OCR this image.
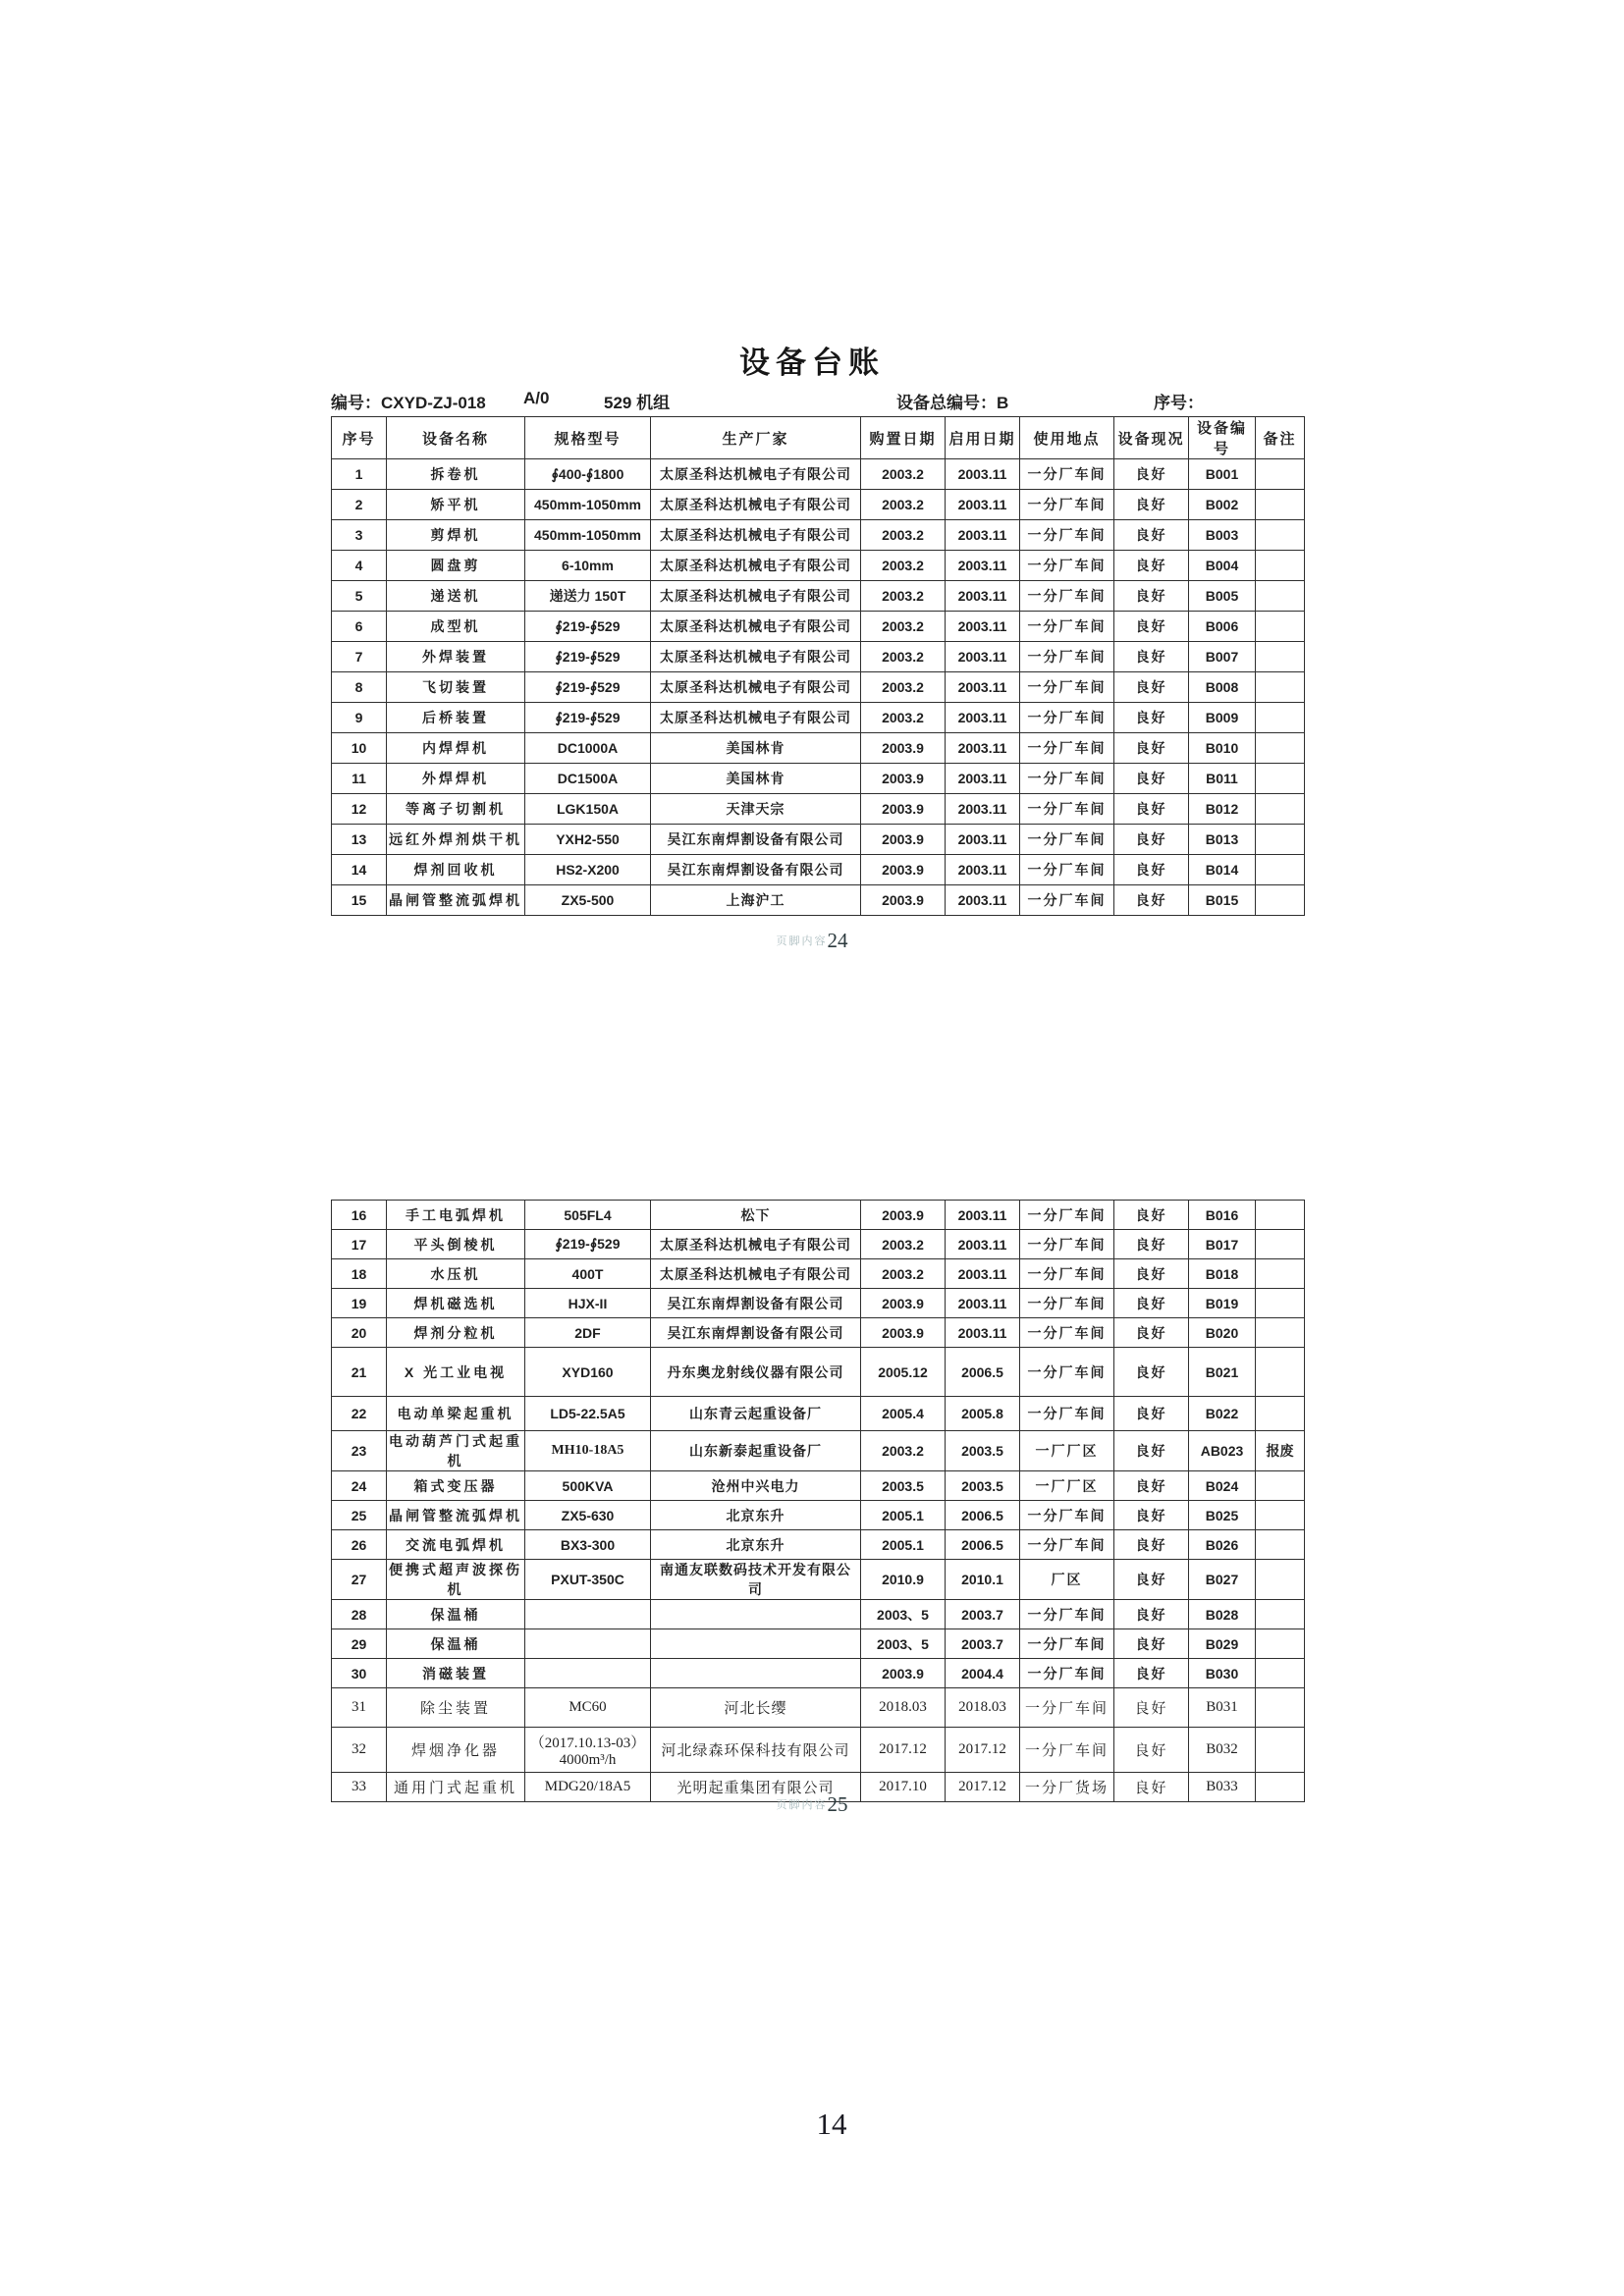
设备台账
编号：CXYD-ZJ-018 A/0	529 机组	设备总编号：B	序号：
序号	设备名称	规格型号	生产厂家	购置日期	启用日期	使用地点	设备现况	设备编号	备注
1	拆卷机	∮400-∮1800	太原圣科达机械电子有限公司	2003.2	2003.11	一分厂车间	良好	B001	
2	矫平机	450mm-1050mm	太原圣科达机械电子有限公司	2003.2	2003.11	一分厂车间	良好	B002	
3	剪焊机	450mm-1050mm	太原圣科达机械电子有限公司	2003.2	2003.11	一分厂车间	良好	B003	
4	圆盘剪	6-10mm	太原圣科达机械电子有限公司	2003.2	2003.11	一分厂车间	良好	B004	
5	递送机	递送力 150T	太原圣科达机械电子有限公司	2003.2	2003.11	一分厂车间	良好	B005	
6	成型机	∮219-∮529	太原圣科达机械电子有限公司	2003.2	2003.11	一分厂车间	良好	B006	
7	外焊装置	∮219-∮529	太原圣科达机械电子有限公司	2003.2	2003.11	一分厂车间	良好	B007	
8	飞切装置	∮219-∮529	太原圣科达机械电子有限公司	2003.2	2003.11	一分厂车间	良好	B008	
9	后桥装置	∮219-∮529	太原圣科达机械电子有限公司	2003.2	2003.11	一分厂车间	良好	B009	
10	内焊焊机	DC1000A	美国林肯	2003.9	2003.11	一分厂车间	良好	B010	
11	外焊焊机	DC1500A	美国林肯	2003.9	2003.11	一分厂车间	良好	B011	
12	等离子切割机	LGK150A	天津天宗	2003.9	2003.11	一分厂车间	良好	B012	
13	远红外焊剂烘干机	YXH2-550	吴江东南焊割设备有限公司	2003.9	2003.11	一分厂车间	良好	B013	
14	焊剂回收机	HS2-X200	吴江东南焊割设备有限公司	2003.9	2003.11	一分厂车间	良好	B014	
15	晶闸管整流弧焊机	ZX5-500	上海沪工	2003.9	2003.11	一分厂车间	良好	B015	
页脚内容24
16	手工电弧焊机	505FL4	松下	2003.9	2003.11	一分厂车间	良好	B016	
17	平头倒棱机	∮219-∮529	太原圣科达机械电子有限公司	2003.2	2003.11	一分厂车间	良好	B017	
18	水压机	400T	太原圣科达机械电子有限公司	2003.2	2003.11	一分厂车间	良好	B018	
19	焊机磁选机	HJX-II	吴江东南焊割设备有限公司	2003.9	2003.11	一分厂车间	良好	B019	
20	焊剂分粒机	2DF	吴江东南焊割设备有限公司	2003.9	2003.11	一分厂车间	良好	B020	
21	X 光工业电视	XYD160	丹东奥龙射线仪器有限公司	2005.12	2006.5	一分厂车间	良好	B021	
22	电动单梁起重机	LD5-22.5A5	山东青云起重设备厂	2005.4	2005.8	一分厂车间	良好	B022	
23	电动葫芦门式起重机	MH10-18A5	山东新泰起重设备厂	2003.2	2003.5	一厂厂区	良好	AB023	报废
24	箱式变压器	500KVA	沧州中兴电力	2003.5	2003.5	一厂厂区	良好	B024	
25	晶闸管整流弧焊机	ZX5-630	北京东升	2005.1	2006.5	一分厂车间	良好	B025	
26	交流电弧焊机	BX3-300	北京东升	2005.1	2006.5	一分厂车间	良好	B026	
27	便携式超声波探伤机	PXUT-350C	南通友联数码技术开发有限公司	2010.9	2010.1	厂区	良好	B027	
28	保温桶			2003、5	2003.7	一分厂车间	良好	B028	
29	保温桶			2003、5	2003.7	一分厂车间	良好	B029	
30	消磁装置			2003.9	2004.4	一分厂车间	良好	B030	
31	除尘装置	MC60	河北长缨	2018.03	2018.03	一分厂车间	良好	B031	
32	焊烟净化器	（2017.10.13-03）
4000m³/h	河北绿森环保科技有限公司	2017.12	2017.12	一分厂车间	良好	B032	
33	通用门式起重机	MDG20/18A5	光明起重集团有限公司	2017.10	2017.12	一分厂货场	良好	B033	
页脚内容25
14
